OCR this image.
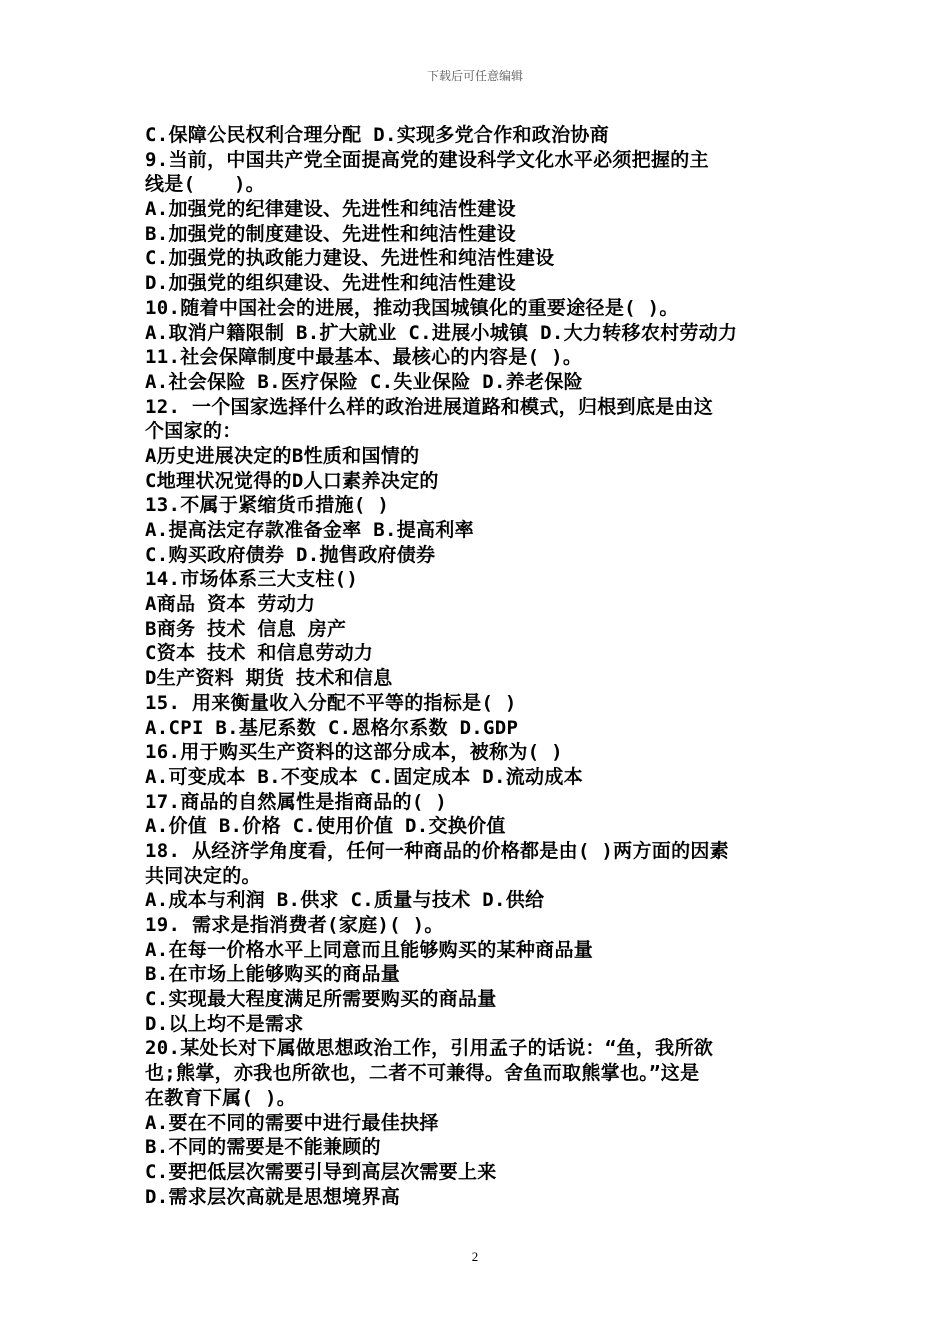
下载后可任意编辑
C.保障公民权利合理分配 D.实现多党合作和政治协商
9.当前，中国共产党全面提高党的建设科学文化水平必须把握的主
线是(　　)。
A.加强党的纪律建设、先进性和纯洁性建设
B.加强党的制度建设、先进性和纯洁性建设
C.加强党的执政能力建设、先进性和纯洁性建设
D.加强党的组织建设、先进性和纯洁性建设
10.随着中国社会的进展，推动我国城镇化的重要途径是( )。
A.取消户籍限制 B.扩大就业 C.进展小城镇 D.大力转移农村劳动力
11.社会保障制度中最基本、最核心的内容是( )。
A.社会保险 B.医疗保险 C.失业保险 D.养老保险
12. 一个国家选择什么样的政治进展道路和模式，归根到底是由这
个国家的：
A历史进展决定的B性质和国情的
C地理状况觉得的D人口素养决定的
13.不属于紧缩货币措施( )
A.提高法定存款准备金率 B.提高利率
C.购买政府债券 D.抛售政府债券
14.市场体系三大支柱()
A商品 资本 劳动力
B商务 技术 信息 房产
C资本 技术 和信息劳动力
D生产资料 期货 技术和信息
15. 用来衡量收入分配不平等的指标是( )
A.CPI B.基尼系数 C.恩格尔系数 D.GDP
16.用于购买生产资料的这部分成本，被称为( )
A.可变成本 B.不变成本 C.固定成本 D.流动成本
17.商品的自然属性是指商品的( )
A.价值 B.价格 C.使用价值 D.交换价值
18. 从经济学角度看，任何一种商品的价格都是由( )两方面的因素
共同决定的。
A.成本与利润 B.供求 C.质量与技术 D.供给
19. 需求是指消费者(家庭)( )。
A.在每一价格水平上同意而且能够购买的某种商品量
B.在市场上能够购买的商品量
C.实现最大程度满足所需要购买的商品量
D.以上均不是需求
20.某处长对下属做思想政治工作，引用孟子的话说：“鱼，我所欲
也;熊掌，亦我也所欲也，二者不可兼得。舍鱼而取熊掌也。”这是
在教育下属( )。
A.要在不同的需要中进行最佳抉择
B.不同的需要是不能兼顾的
C.要把低层次需要引导到高层次需要上来
D.需求层次高就是思想境界高
2
